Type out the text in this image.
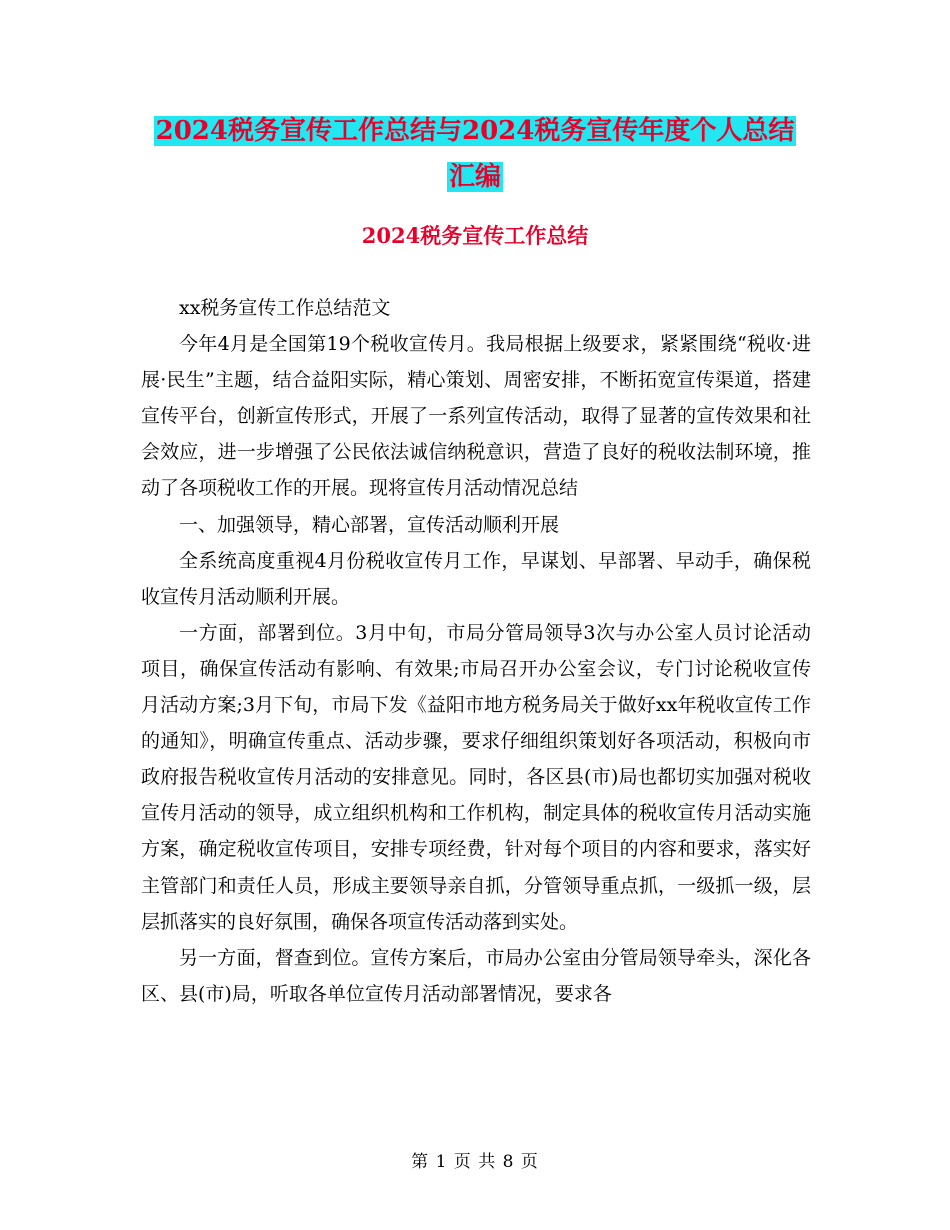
2024税务宣传工作总结与2024税务宣传年度个人总结
汇编
2024税务宣传工作总结

xx税务宣传工作总结范文

今年4月是全国第19个税收宣传月。我局根据上级要求，紧紧围绕“税收·进展·民生”主题，结合益阳实际，精心策划、周密安排，不断拓宽宣传渠道，搭建宣传平台，创新宣传形式，开展了一系列宣传活动，取得了显著的宣传效果和社会效应，进一步增强了公民依法诚信纳税意识，营造了良好的税收法制环境，推动了各项税收工作的开展。现将宣传月活动情况总结

一、加强领导，精心部署，宣传活动顺利开展

全系统高度重视4月份税收宣传月工作，早谋划、早部署、早动手，确保税收宣传月活动顺利开展。

一方面，部署到位。3月中旬，市局分管局领导3次与办公室人员讨论活动项目，确保宣传活动有影响、有效果;市局召开办公室会议，专门讨论税收宣传月活动方案;3月下旬，市局下发《益阳市地方税务局关于做好xx年税收宣传工作的通知》，明确宣传重点、活动步骤，要求仔细组织策划好各项活动，积极向市政府报告税收宣传月活动的安排意见。同时，各区县(市)局也都切实加强对税收宣传月活动的领导，成立组织机构和工作机构，制定具体的税收宣传月活动实施方案，确定税收宣传项目，安排专项经费，针对每个项目的内容和要求，落实好主管部门和责任人员，形成主要领导亲自抓，分管领导重点抓，一级抓一级，层层抓落实的良好氛围，确保各项宣传活动落到实处。

另一方面，督查到位。宣传方案后，市局办公室由分管局领导牵头，深化各区、县(市)局，听取各单位宣传月活动部署情况，要求各

第 1 页 共 8 页
